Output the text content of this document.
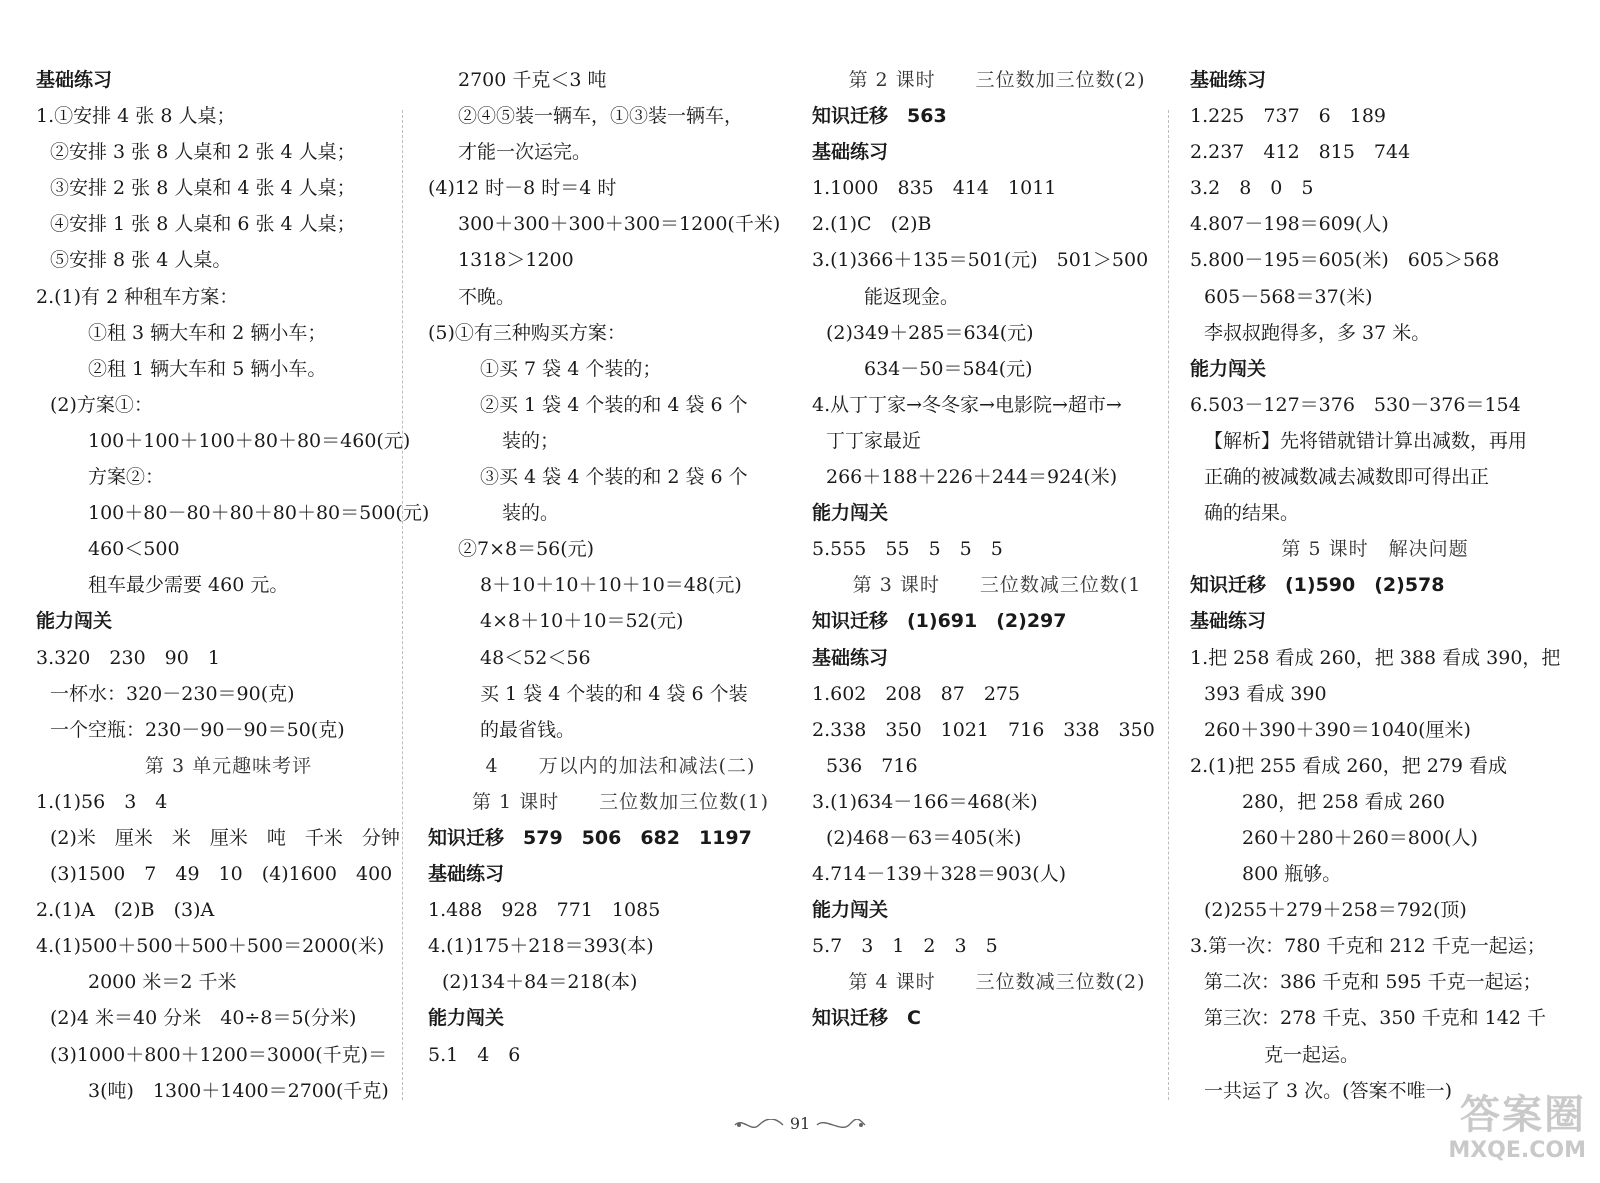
基础练习
1.①安排 4 张 8 人桌；
②安排 3 张 8 人桌和 2 张 4 人桌；
③安排 2 张 8 人桌和 4 张 4 人桌；
④安排 1 张 8 人桌和 6 张 4 人桌；
⑤安排 8 张 4 人桌。
2.(1)有 2 种租车方案：
①租 3 辆大车和 2 辆小车；
②租 1 辆大车和 5 辆小车。
(2)方案①：
100＋100＋100＋80＋80＝460(元)
方案②：
100＋80－80＋80＋80＋80＝500(元)
460＜500
租车最少需要 460 元。
能力闯关
3.320　230　90　1
一杯水：320－230＝90(克)
一个空瓶：230－90－90＝50(克)
第 3 单元趣味考评
1.(1)56　3　4
(2)米　厘米　米　厘米　吨　千米　分钟
(3)1500　7　49　10　(4)1600　400
2.(1)A　(2)B　(3)A
4.(1)500＋500＋500＋500＝2000(米)
2000 米＝2 千米
(2)4 米＝40 分米　40÷8＝5(分米)
(3)1000＋800＋1200＝3000(千克)＝
3(吨)　1300＋1400＝2700(千克)
2700 千克＜3 吨
②④⑤装一辆车，①③装一辆车，
才能一次运完。
(4)12 时－8 时＝4 时
300＋300＋300＋300＝1200(千米)
1318＞1200
不晚。
(5)①有三种购买方案：
①买 7 袋 4 个装的；
②买 1 袋 4 个装的和 4 袋 6 个
装的；
③买 4 袋 4 个装的和 2 袋 6 个
装的。
②7×8＝56(元)
8＋10＋10＋10＋10＝48(元)
4×8＋10＋10＝52(元)
48＜52＜56
买 1 袋 4 个装的和 4 袋 6 个装
的最省钱。
4　　万以内的加法和减法(二)
第 1 课时　　三位数加三位数(1)
知识迁移　579　506　682　1197
基础练习
1.488　928　771　1085
4.(1)175＋218＝393(本)
(2)134＋84＝218(本)
能力闯关
5.1　4　6
第 2 课时　　三位数加三位数(2)
知识迁移　563
基础练习
1.1000　835　414　1011
2.(1)C　(2)B
3.(1)366＋135＝501(元)　501＞500
能返现金。
(2)349＋285＝634(元)
634－50＝584(元)
4.从丁丁家→冬冬家→电影院→超市→
丁丁家最近
266＋188＋226＋244＝924(米)
能力闯关
5.555　55　5　5　5
第 3 课时　　三位数减三位数(1
知识迁移　(1)691　(2)297
基础练习
1.602　208　87　275
2.338　350　1021　716　338　350
536　716
3.(1)634－166＝468(米)
(2)468－63＝405(米)
4.714－139＋328＝903(人)
能力闯关
5.7　3　1　2　3　5
第 4 课时　　三位数减三位数(2)
知识迁移　C
基础练习
1.225　737　6　189
2.237　412　815　744
3.2　8　0　5
4.807－198＝609(人)
5.800－195＝605(米)　605＞568
605－568＝37(米)
李叔叔跑得多，多 37 米。
能力闯关
6.503－127＝376　530－376＝154
【解析】先将错就错计算出减数，再用
正确的被减数减去减数即可得出正
确的结果。
第 5 课时　解决问题
知识迁移　(1)590　(2)578
基础练习
1.把 258 看成 260，把 388 看成 390，把
393 看成 390
260＋390＋390＝1040(厘米)
2.(1)把 255 看成 260，把 279 看成
280，把 258 看成 260
260＋280＋260＝800(人)
800 瓶够。
(2)255＋279＋258＝792(顶)
3.第一次：780 千克和 212 千克一起运；
第二次：386 千克和 595 千克一起运；
第三次：278 千克、350 千克和 142 千
克一起运。
一共运了 3 次。(答案不唯一)
91	答案圈
MXQE.COM
